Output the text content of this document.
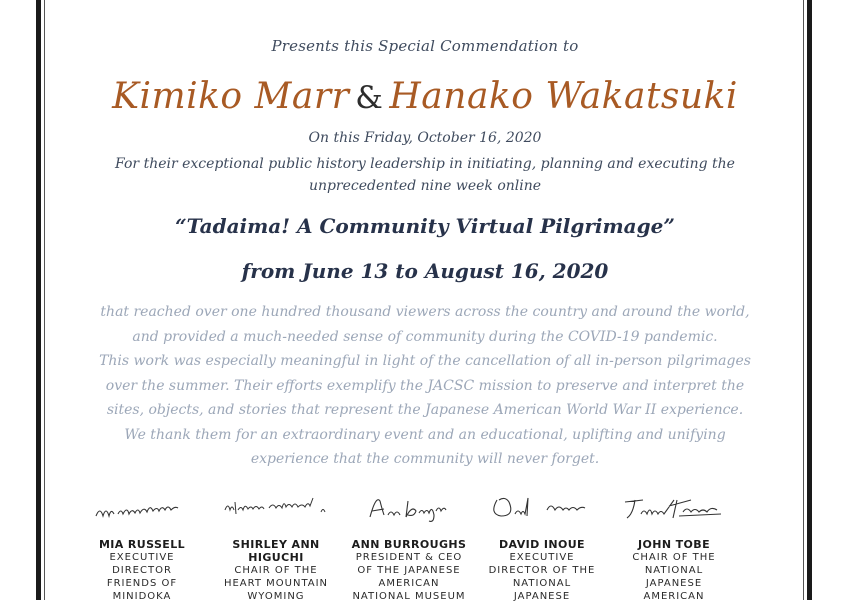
Presents this Special Commendation to
Kimiko Marr & Hanako Wakatsuki
On this Friday, October 16, 2020
For their exceptional public history leadership in initiating, planning and executing the
unprecedented nine week online
“Tadaima! A Community Virtual Pilgrimage”
from June 13 to August 16, 2020
that reached over one hundred thousand viewers across the country and around the world,
and provided a much-needed sense of community during the COVID-19 pandemic.
This work was especially meaningful in light of the cancellation of all in-person pilgrimages
over the summer. Their efforts exemplify the JACSC mission to preserve and interpret the
sites, objects, and stories that represent the Japanese American World War II experience.
We thank them for an extraordinary event and an educational, uplifting and unifying
experience that the community will never forget.
MIA RUSSELL
EXECUTIVE
DIRECTOR
FRIENDS OF
MINIDOKA
SHIRLEY ANN
HIGUCHI
CHAIR OF THE
HEART MOUNTAIN
WYOMING
ANN BURROUGHS
PRESIDENT & CEO
OF THE JAPANESE
AMERICAN
NATIONAL MUSEUM
DAVID INOUE
EXECUTIVE
DIRECTOR OF THE
NATIONAL
JAPANESE
JOHN TOBE
CHAIR OF THE
NATIONAL
JAPANESE
AMERICAN
